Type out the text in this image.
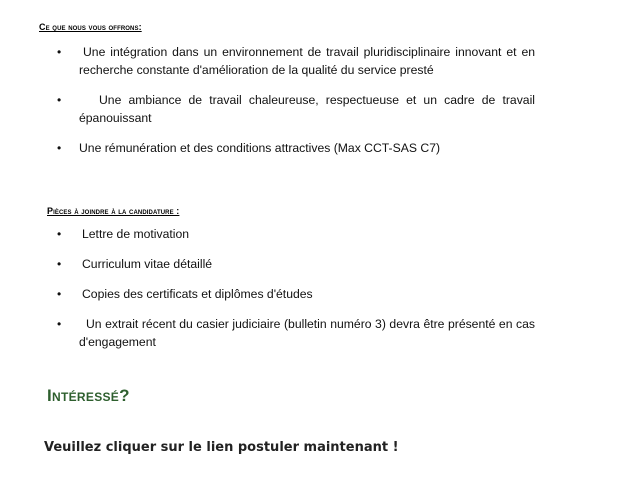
Ce que nous vous offrons:
• Une intégration dans un environnement de travail pluridisciplinaire innovant et en recherche constante d'amélioration de la qualité du service presté
•	Une ambiance de travail chaleureuse, respectueuse et un cadre de travail épanouissant
• Une rémunération et des conditions attractives (Max CCT-SAS C7)
Pièces à joindre à la candidature :
• Lettre de motivation
• Curriculum vitae détaillé
• Copies des certificats et diplômes d'études
• Un extrait récent du casier judiciaire (bulletin numéro 3) devra être présenté en cas d'engagement
Intéressé?
Veuillez cliquer sur le lien postuler maintenant !
